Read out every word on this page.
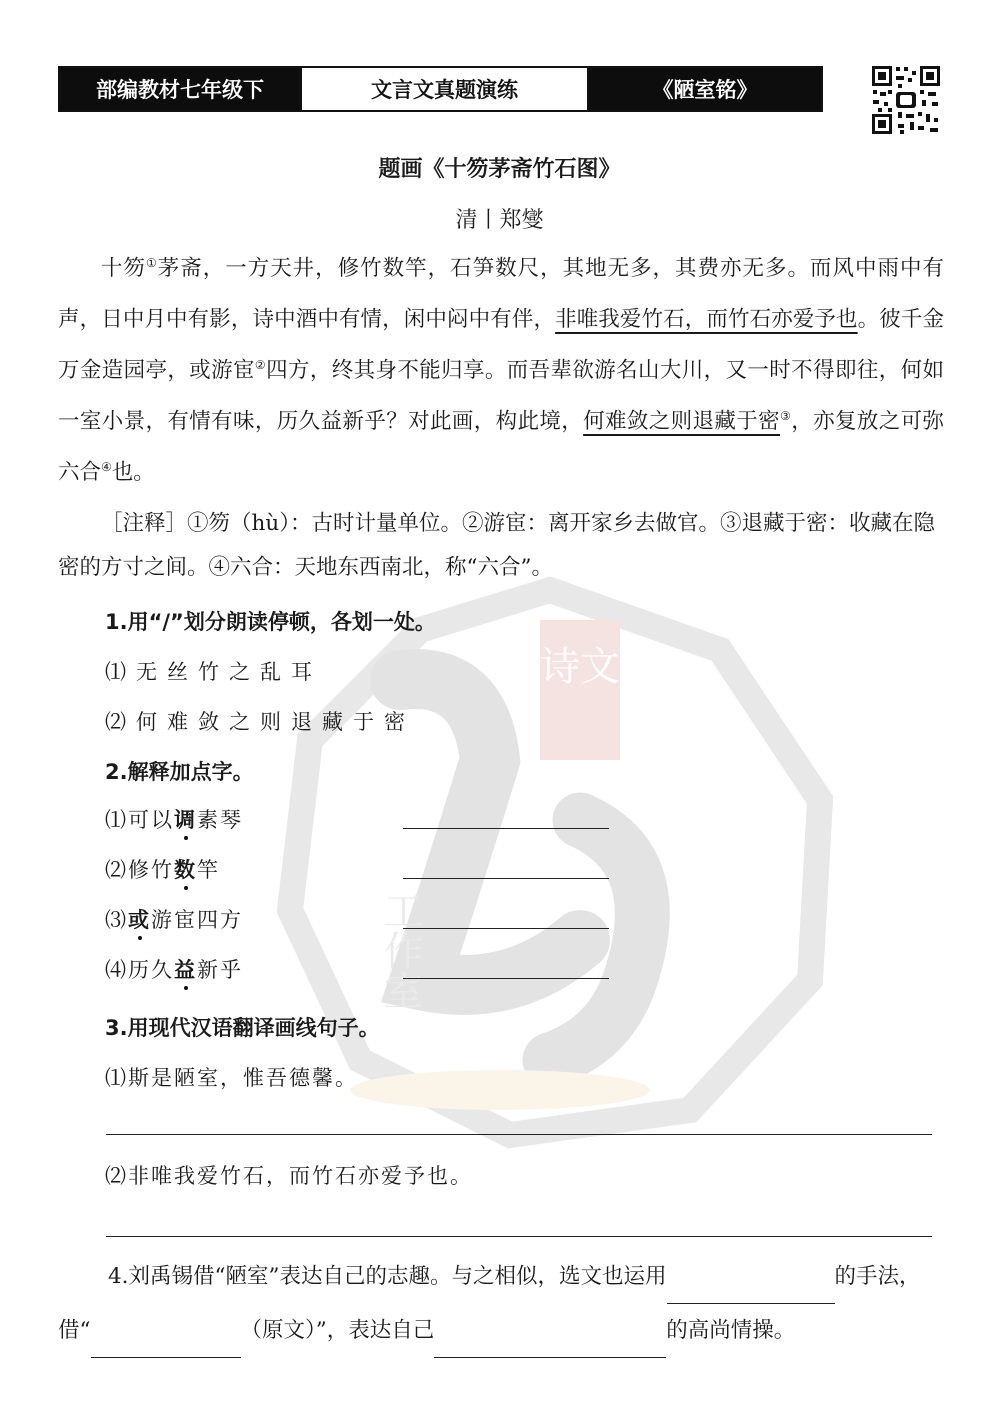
部编教材七年级下	文言文真题演练	《陋室铭》
诗文
工作室
题画《十笏茅斋竹石图》
清丨郑燮
十笏①茅斋，一方天井，修竹数竿，石笋数尺，其地无多，其费亦无多。而风中雨中有声，日中月中有影，诗中酒中有情，闲中闷中有伴，非唯我爱竹石，而竹石亦爱予也。彼千金万金造园亭，或游宦②四方，终其身不能归享。而吾辈欲游名山大川，又一时不得即往，何如一室小景，有情有味，历久益新乎？对此画，构此境，何难敛之则退藏于密③，亦复放之可弥六合④也。
［注释］①笏（hù）：古时计量单位。②游宦：离开家乡去做官。③退藏于密：收藏在隐密的方寸之间。④六合：天地东西南北，称“六合”。
1.用“/”划分朗读停顿，各划一处。
⑴无丝竹之乱耳
⑵何难敛之则退藏于密
2.解释加点字。
⑴可以调素琴
⑵修竹数竿
⑶或游宦四方
⑷历久益新乎
3.用现代汉语翻译画线句子。
⑴斯是陋室，惟吾德馨。
⑵非唯我爱竹石，而竹石亦爱予也。
4.刘禹锡借“陋室”表达自己的志趣。与之相似，选文也运用	的手法，借“	（原文）”，表达自己	的高尚情操。
